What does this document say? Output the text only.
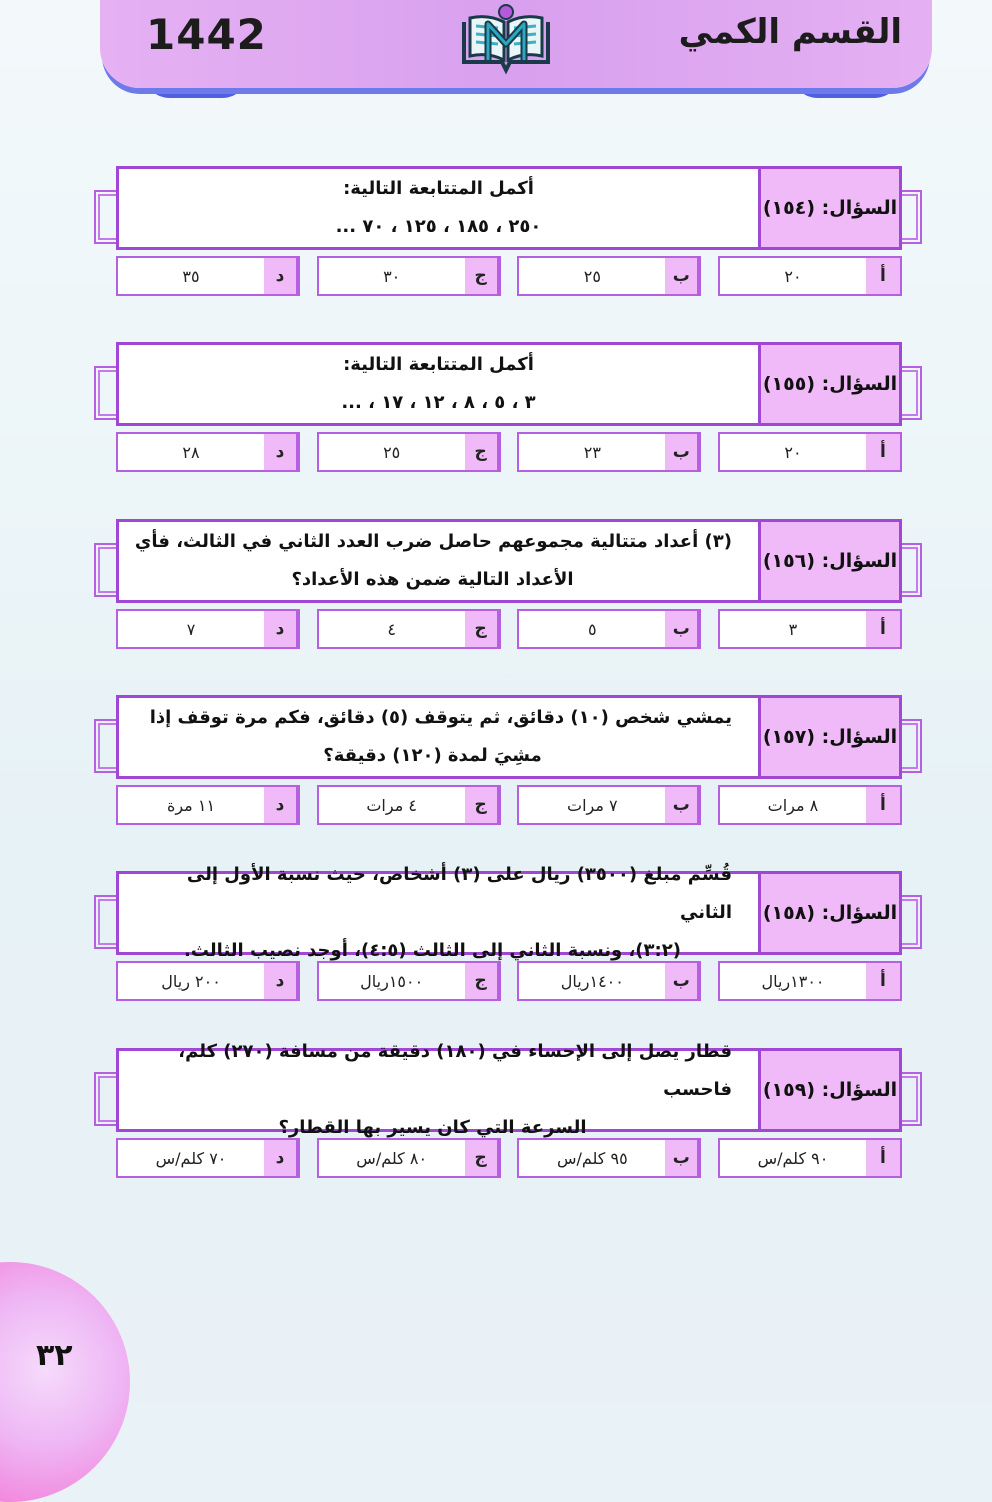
1442	القسم الكمي
السؤال: (١٥٤)
أكمل المتتابعة التالية:
٢٥٠ ، ١٨٥ ، ١٢٥ ، ٧٠ ...
أ
٢٠
ب
٢٥
ج
٣٠
د
٣٥
السؤال: (١٥٥)
أكمل المتتابعة التالية:
٣ ، ٥ ، ٨ ، ١٢ ، ١٧ ، ...
أ
٢٠
ب
٢٣
ج
٢٥
د
٢٨
السؤال: (١٥٦)
(٣) أعداد متتالية مجموعهم حاصل ضرب العدد الثاني في الثالث، فأي
الأعداد التالية ضمن هذه الأعداد؟
أ
٣
ب
٥
ج
٤
د
٧
السؤال: (١٥٧)
يمشي شخص (١٠) دقائق، ثم يتوقف (٥) دقائق، فكم مرة توقف إذا
مشِيَ لمدة (١٢٠) دقيقة؟
أ
٨ مرات
ب
٧ مرات
ج
٤ مرات
د
١١ مرة
السؤال: (١٥٨)
قُسِّم مبلغ (٣٥٠٠) ريال على (٣) أشخاص، حيث نسبة الأول إلى الثاني
(٣:٢)، ونسبة الثاني إلى الثالث (٤:٥)، أوجد نصيب الثالث.
أ
١٣٠٠ريال
ب
١٤٠٠ريال
ج
١٥٠٠ريال
د
٢٠٠ ريال
السؤال: (١٥٩)
قطار يصل إلى الإحساء في (١٨٠) دقيقة من مسافة (٢٧٠) كلم، فاحسب
السرعة التي كان يسير بها القطار؟
أ
٩٠ كلم/س
ب
٩٥ كلم/س
ج
٨٠ كلم/س
د
٧٠ كلم/س
٣٢
